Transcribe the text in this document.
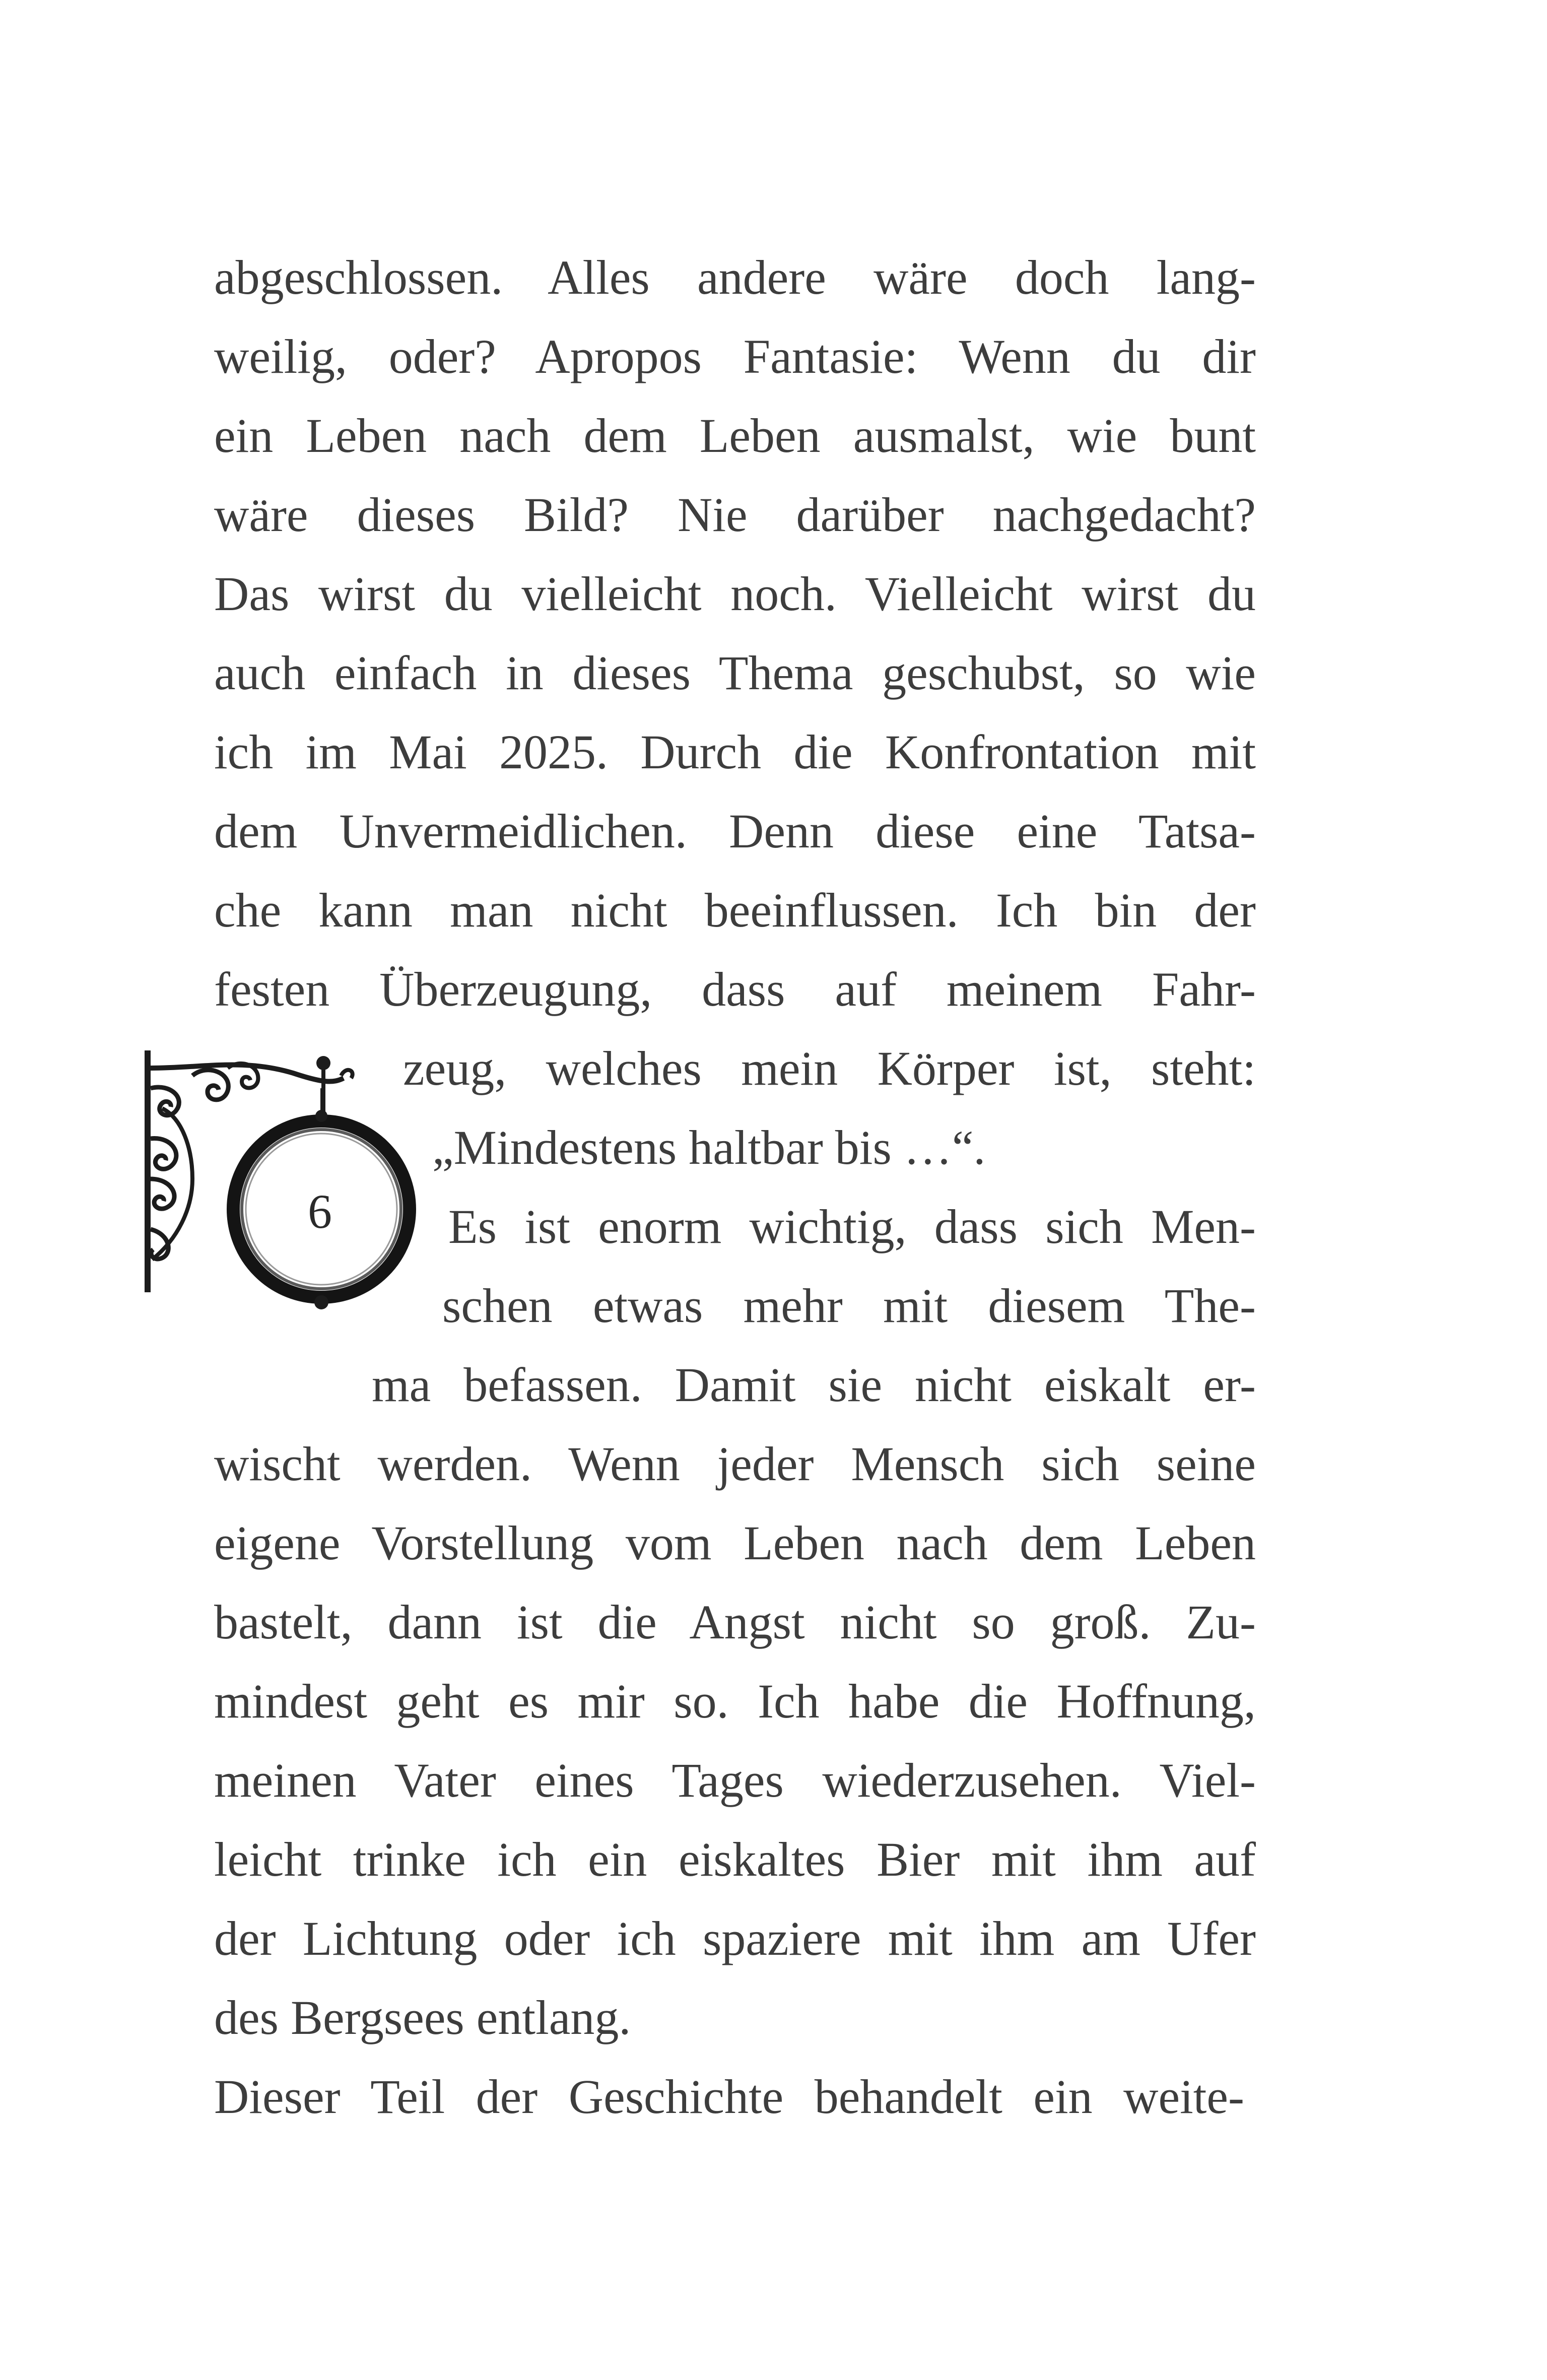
6
abgeschlossen. Alles andere wäre doch lang-
weilig, oder? Apropos Fantasie: Wenn du dir
ein Leben nach dem Leben ausmalst, wie bunt
wäre dieses Bild? Nie darüber nachgedacht?
Das wirst du vielleicht noch. Vielleicht wirst du
auch einfach in dieses Thema geschubst, so wie
ich im Mai 2025. Durch die Konfrontation mit
dem Unvermeidlichen. Denn diese eine Tatsa-
che kann man nicht beeinflussen. Ich bin der
festen Überzeugung, dass auf meinem Fahr-
zeug, welches mein Körper ist, steht:
„Mindestens haltbar bis …“.
Es ist enorm wichtig, dass sich Men-
schen etwas mehr mit diesem The-
ma befassen. Damit sie nicht eiskalt er-
wischt werden. Wenn jeder Mensch sich seine
eigene Vorstellung vom Leben nach dem Leben
bastelt, dann ist die Angst nicht so groß. Zu-
mindest geht es mir so. Ich habe die Hoffnung,
meinen Vater eines Tages wiederzusehen. Viel-
leicht trinke ich ein eiskaltes Bier mit ihm auf
der Lichtung oder ich spaziere mit ihm am Ufer
des Bergsees entlang.
Dieser Teil der Geschichte behandelt ein weite-
